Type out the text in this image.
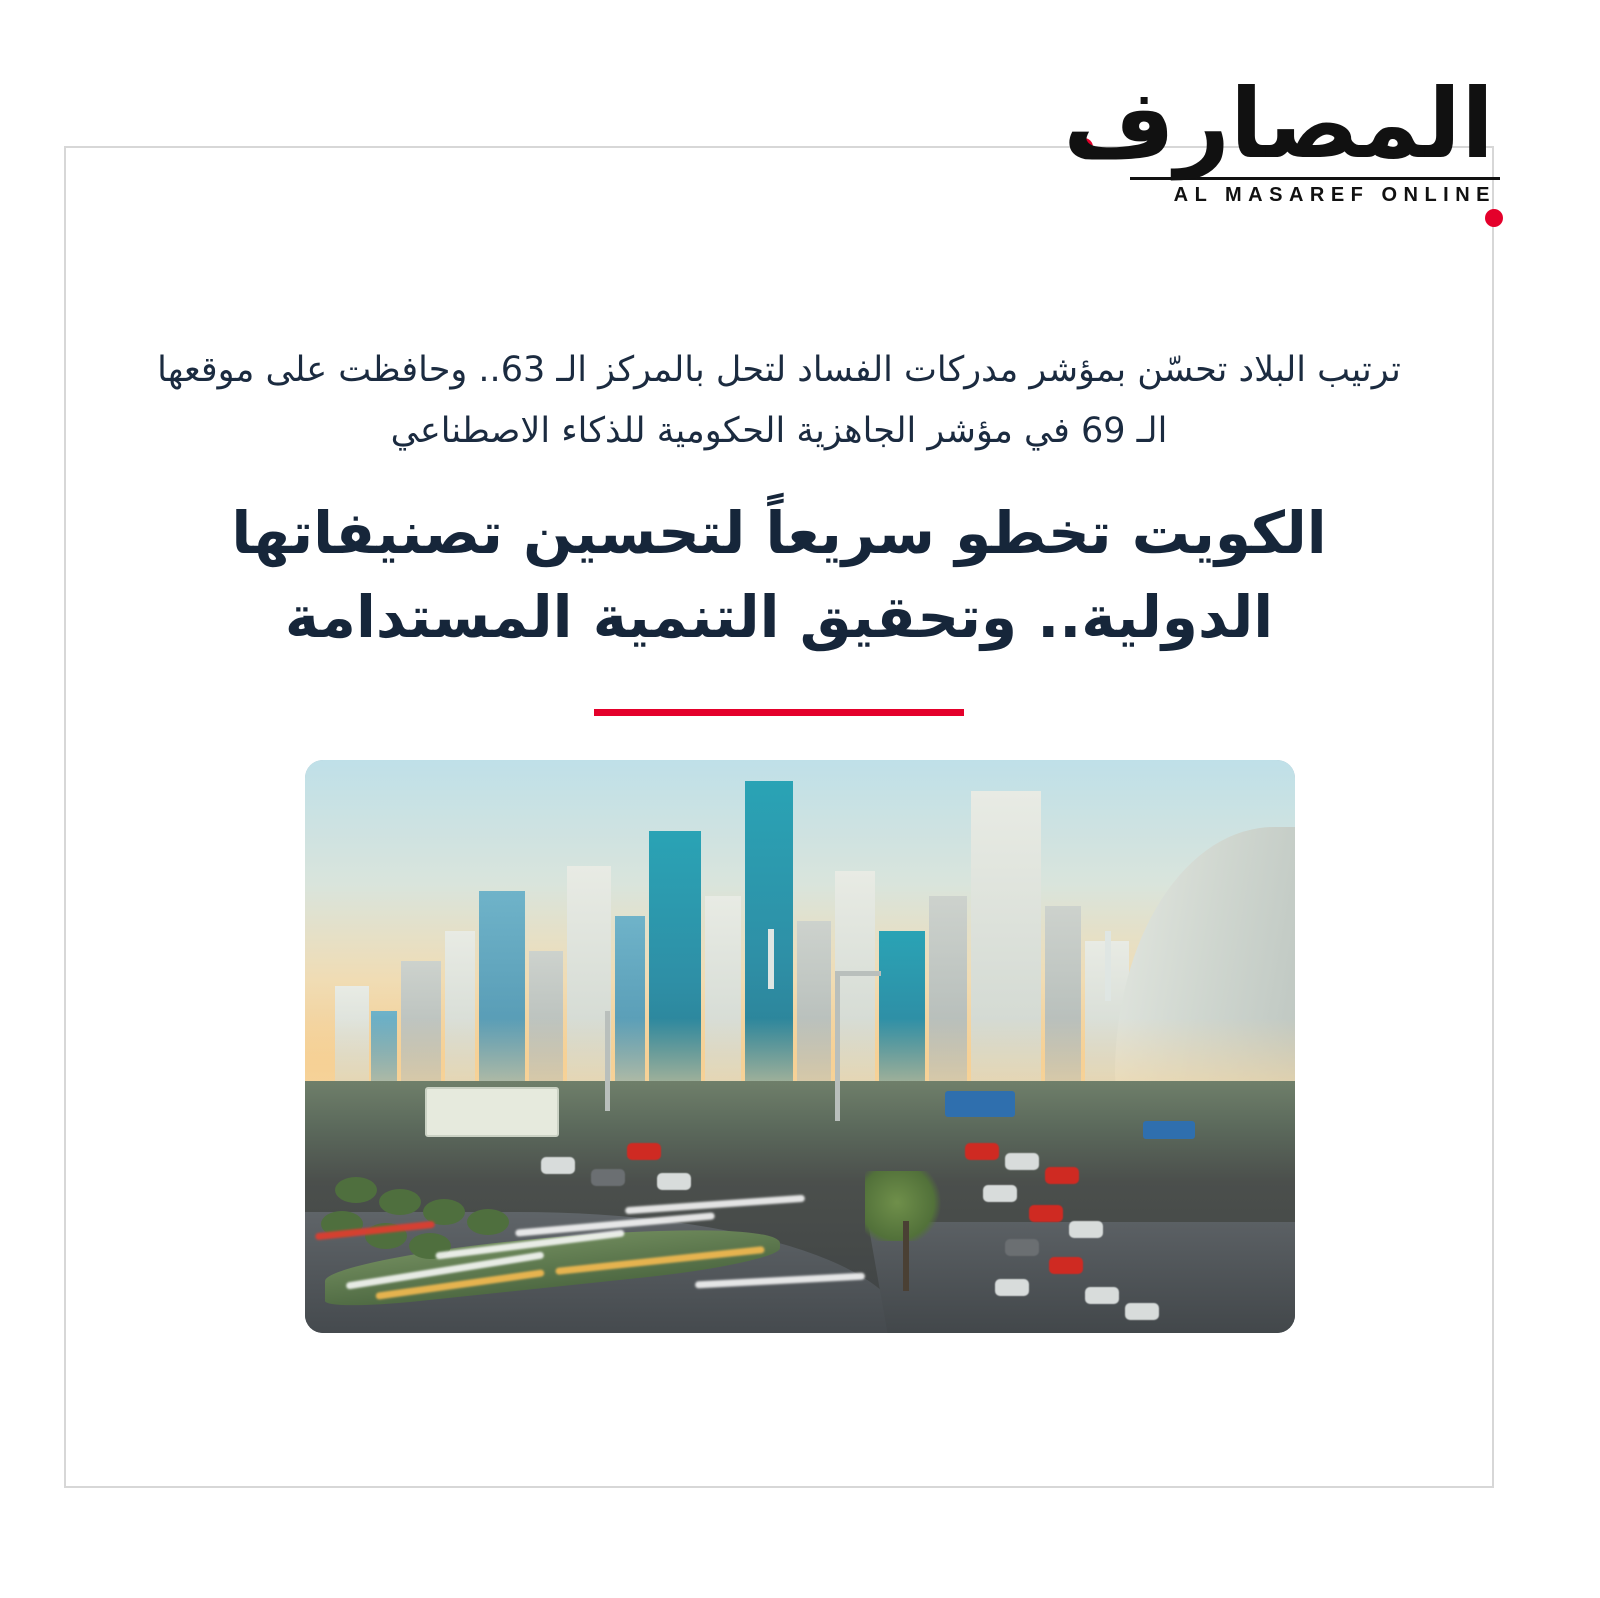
المصارف
AL MASAREF ONLINE
ترتيب البلاد تحسّن بمؤشر مدركات الفساد لتحل بالمركز الـ 63.. وحافظت على موقعها الـ 69 في مؤشر الجاهزية الحكومية للذكاء الاصطناعي
الكويت تخطو سريعاً لتحسين تصنيفاتها الدولية.. وتحقيق التنمية المستدامة
